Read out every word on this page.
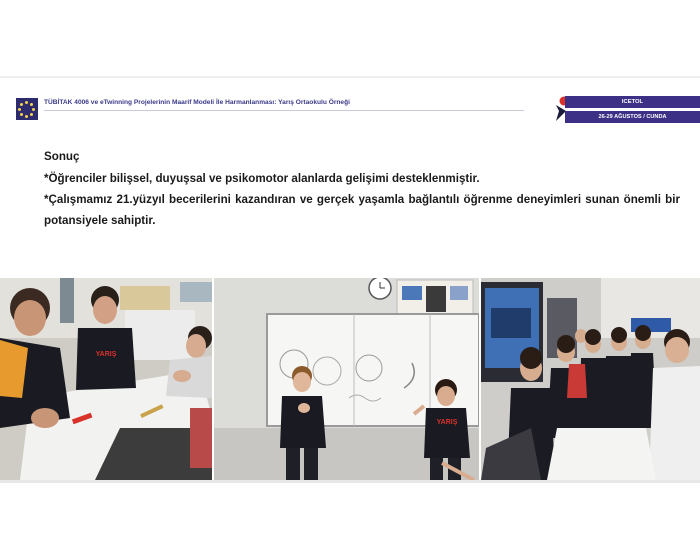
TÜBİTAK 4006 ve eTwinning Projelerinin Maarif Modeli İle Harmanlanması: Yarış Ortaokulu Örneği	ICETOL
26-29 AĞUSTOS / CUNDA

Sonuç

*Öğrenciler bilişsel, duyuşsal ve psikomotor alanlarda gelişimi desteklenmiştir.

*Çalışmamız 21.yüzyıl becerilerini kazandıran ve gerçek yaşamla bağlantılı öğrenme deneyimleri sunan önemli bir potansiyele sahiptir.

YARIŞ
YARIŞ
